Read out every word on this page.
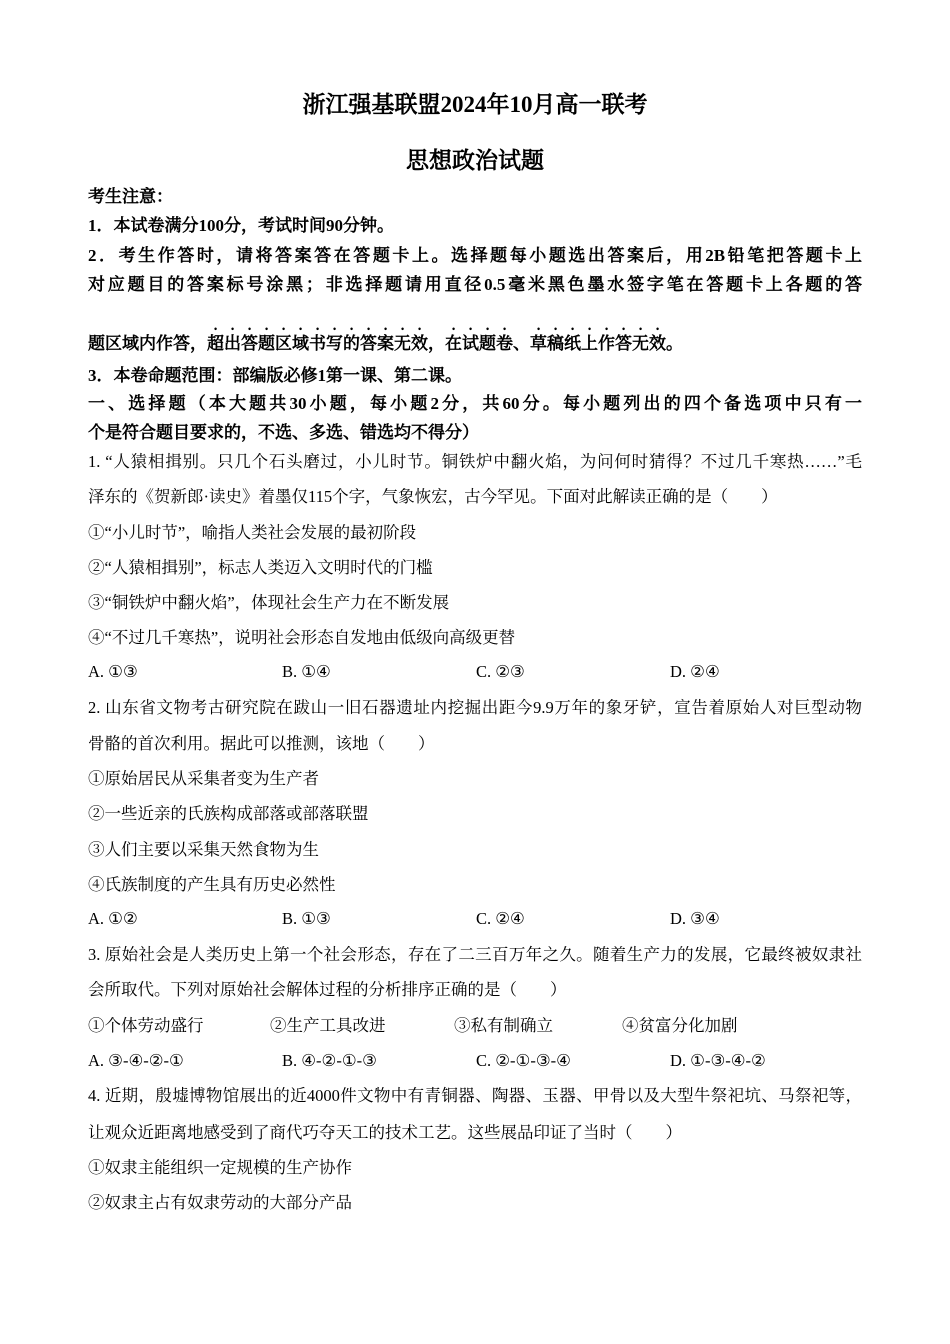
浙江强基联盟2024年10月高一联考
思想政治试题
考生注意：
1．本试卷满分100分，考试时间90分钟。
2．考生作答时，请将答案答在答题卡上。选择题每小题选出答案后，用2B铅笔把答题卡上
对应题目的答案标号涂黑；非选择题请用直径0.5毫米黑色墨水签字笔在答题卡上各题的答
题区域内作答，超出答题区域书写的答案无效，在试题卷、草稿纸上作答无效。
3．本卷命题范围：部编版必修1第一课、第二课。
一、选择题（本大题共30小题，每小题2分，共60分。每小题列出的四个备选项中只有一
个是符合题目要求的，不选、多选、错选均不得分）
1. “人猿相揖别。只几个石头磨过，小儿时节。铜铁炉中翻火焰，为问何时猜得？不过几千寒热……”毛
泽东的《贺新郎·读史》着墨仅115个字，气象恢宏，古今罕见。下面对此解读正确的是（　　）
①“小儿时节”，喻指人类社会发展的最初阶段
②“人猿相揖别”，标志人类迈入文明时代的门槛
③“铜铁炉中翻火焰”，体现社会生产力在不断发展
④“不过几千寒热”，说明社会形态自发地由低级向高级更替
A. ①③	B. ①④	C. ②③	D. ②④
2. 山东省文物考古研究院在跋山一旧石器遗址内挖掘出距今9.9万年的象牙铲，宣告着原始人对巨型动物
骨骼的首次利用。据此可以推测，该地（　　）
①原始居民从采集者变为生产者
②一些近亲的氏族构成部落或部落联盟
③人们主要以采集天然食物为生
④氏族制度的产生具有历史必然性
A. ①②	B. ①③	C. ②④	D. ③④
3. 原始社会是人类历史上第一个社会形态，存在了二三百万年之久。随着生产力的发展，它最终被奴隶社
会所取代。下列对原始社会解体过程的分析排序正确的是（　　）
①个体劳动盛行	②生产工具改进	③私有制确立	④贫富分化加剧
A. ③-④-②-①	B. ④-②-①-③	C. ②-①-③-④	D. ①-③-④-②
4. 近期，殷墟博物馆展出的近4000件文物中有青铜器、陶器、玉器、甲骨以及大型牛祭祀坑、马祭祀等，
让观众近距离地感受到了商代巧夺天工的技术工艺。这些展品印证了当时（　　）
①奴隶主能组织一定规模的生产协作
②奴隶主占有奴隶劳动的大部分产品
